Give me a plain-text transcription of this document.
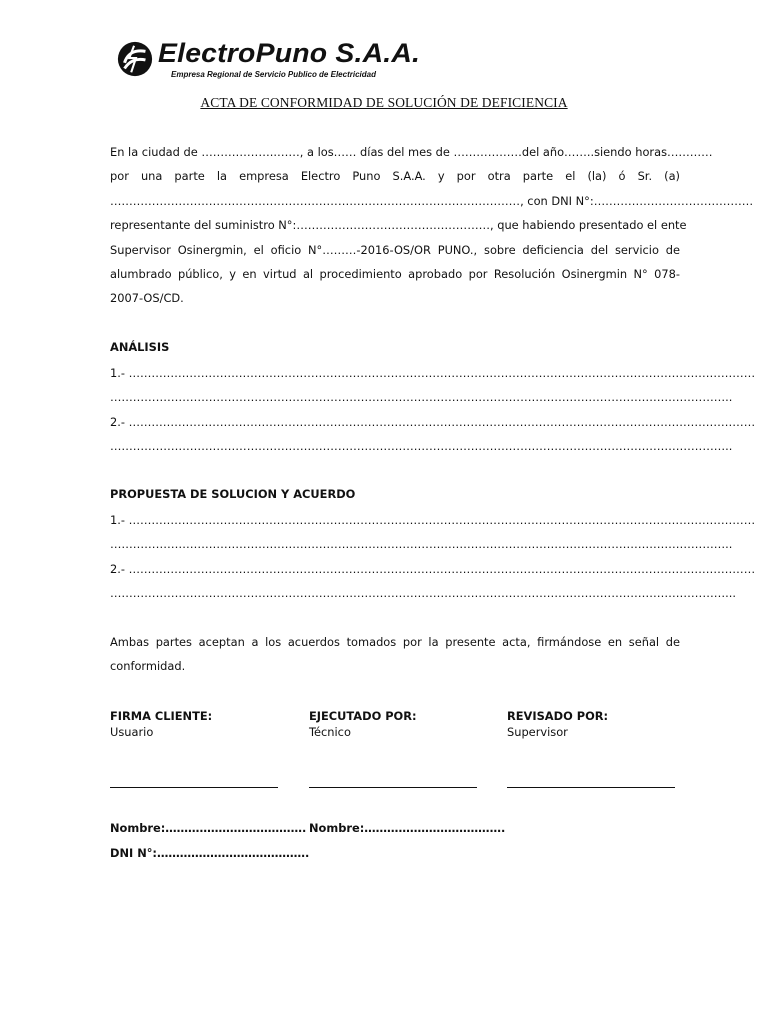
ElectroPuno S.A.A.
Empresa Regional de Servicio Publico de Electricidad
ACTA DE CONFORMIDAD DE SOLUCIÓN DE DEFICIENCIA
En la ciudad de ………………..……, a los…… días del mes de ………………del año……..siendo horas…………
por una parte la empresa Electro Puno S.A.A. y por otra parte el (la) ó Sr. (a)
………………………………………………………………………………………………, con DNI N°:……………………………………
representante del suministro N°:……………………………………………, que habiendo presentado el ente
Supervisor Osinergmin, el oficio N°………-2016-OS/OR PUNO., sobre deficiencia del servicio de
alumbrado público, y en virtud al procedimiento aprobado por Resolución Osinergmin N° 078-
2007-OS/CD.
ANÁLISIS
1.- …………………………………………………………………………………………………………………………………………………
………………………………………………………………………………………………………………………………………………..
2.- …………………………………………………………………………………………………………………………………………………
………………………………………………………………………………………………………………………………………………..
PROPUESTA DE SOLUCION Y ACUERDO
1.- …………………………………………………………………………………………………………………………………………………
………………………………………………………………………………………………………………………………………………..
2.- …………………………………………………………………………………………………………………………………………………
………………………………………………………………………………………………………………………………………………...
Ambas partes aceptan a los acuerdos tomados por la presente acta, firmándose en señal de
conformidad.
FIRMA CLIENTE:
Usuario
EJECUTADO POR:
Técnico
REVISADO POR:
Supervisor
Nombre:………………………………. Nombre:……………………………….
DNI N°:………………………………….
